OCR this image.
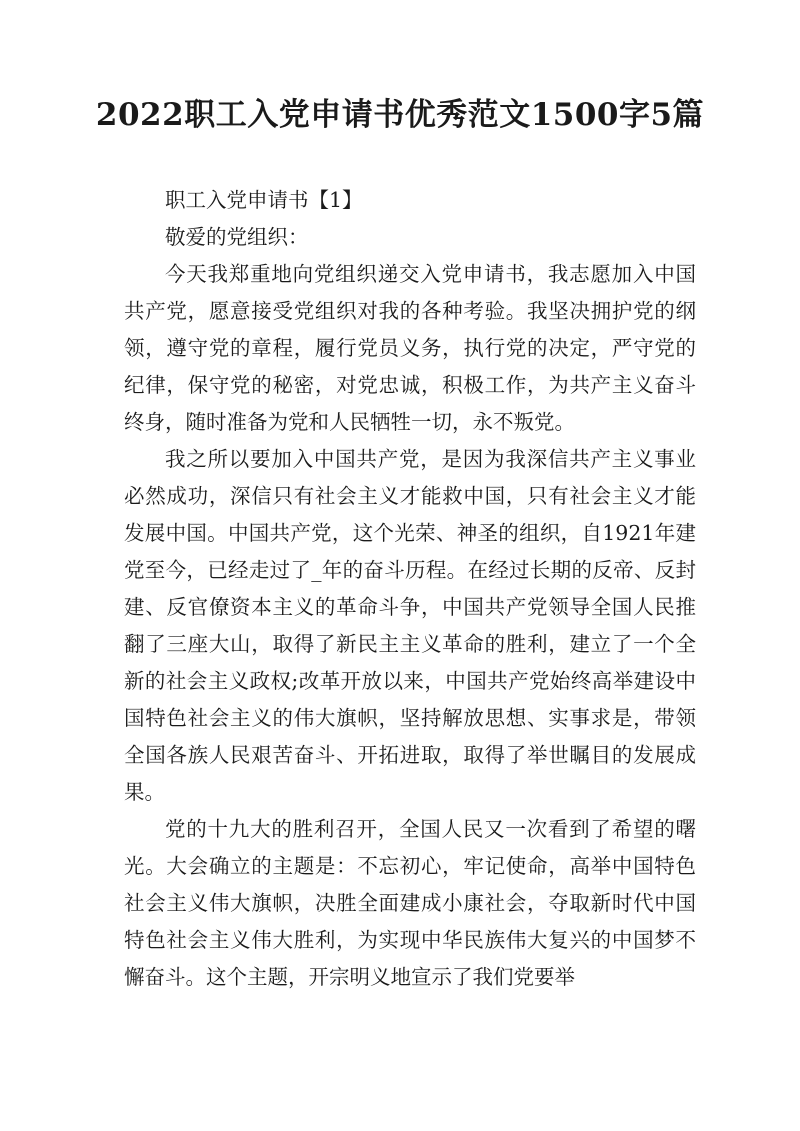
2022职工入党申请书优秀范文1500字5篇

职工入党申请书【1】

敬爱的党组织：

今天我郑重地向党组织递交入党申请书，我志愿加入中国共产党，愿意接受党组织对我的各种考验。我坚决拥护党的纲领，遵守党的章程，履行党员义务，执行党的决定，严守党的纪律，保守党的秘密，对党忠诚，积极工作，为共产主义奋斗终身，随时准备为党和人民牺牲一切，永不叛党。

我之所以要加入中国共产党，是因为我深信共产主义事业必然成功，深信只有社会主义才能救中国，只有社会主义才能发展中国。中国共产党，这个光荣、神圣的组织，自1921年建党至今，已经走过了_年的奋斗历程。在经过长期的反帝、反封建、反官僚资本主义的革命斗争，中国共产党领导全国人民推翻了三座大山，取得了新民主主义革命的胜利，建立了一个全新的社会主义政权;改革开放以来，中国共产党始终高举建设中国特色社会主义的伟大旗帜，坚持解放思想、实事求是，带领全国各族人民艰苦奋斗、开拓进取，取得了举世瞩目的发展成果。

党的十九大的胜利召开，全国人民又一次看到了希望的曙光。大会确立的主题是：不忘初心，牢记使命，高举中国特色社会主义伟大旗帜，决胜全面建成小康社会，夺取新时代中国特色社会主义伟大胜利，为实现中华民族伟大复兴的中国梦不懈奋斗。这个主题，开宗明义地宣示了我们党要举
